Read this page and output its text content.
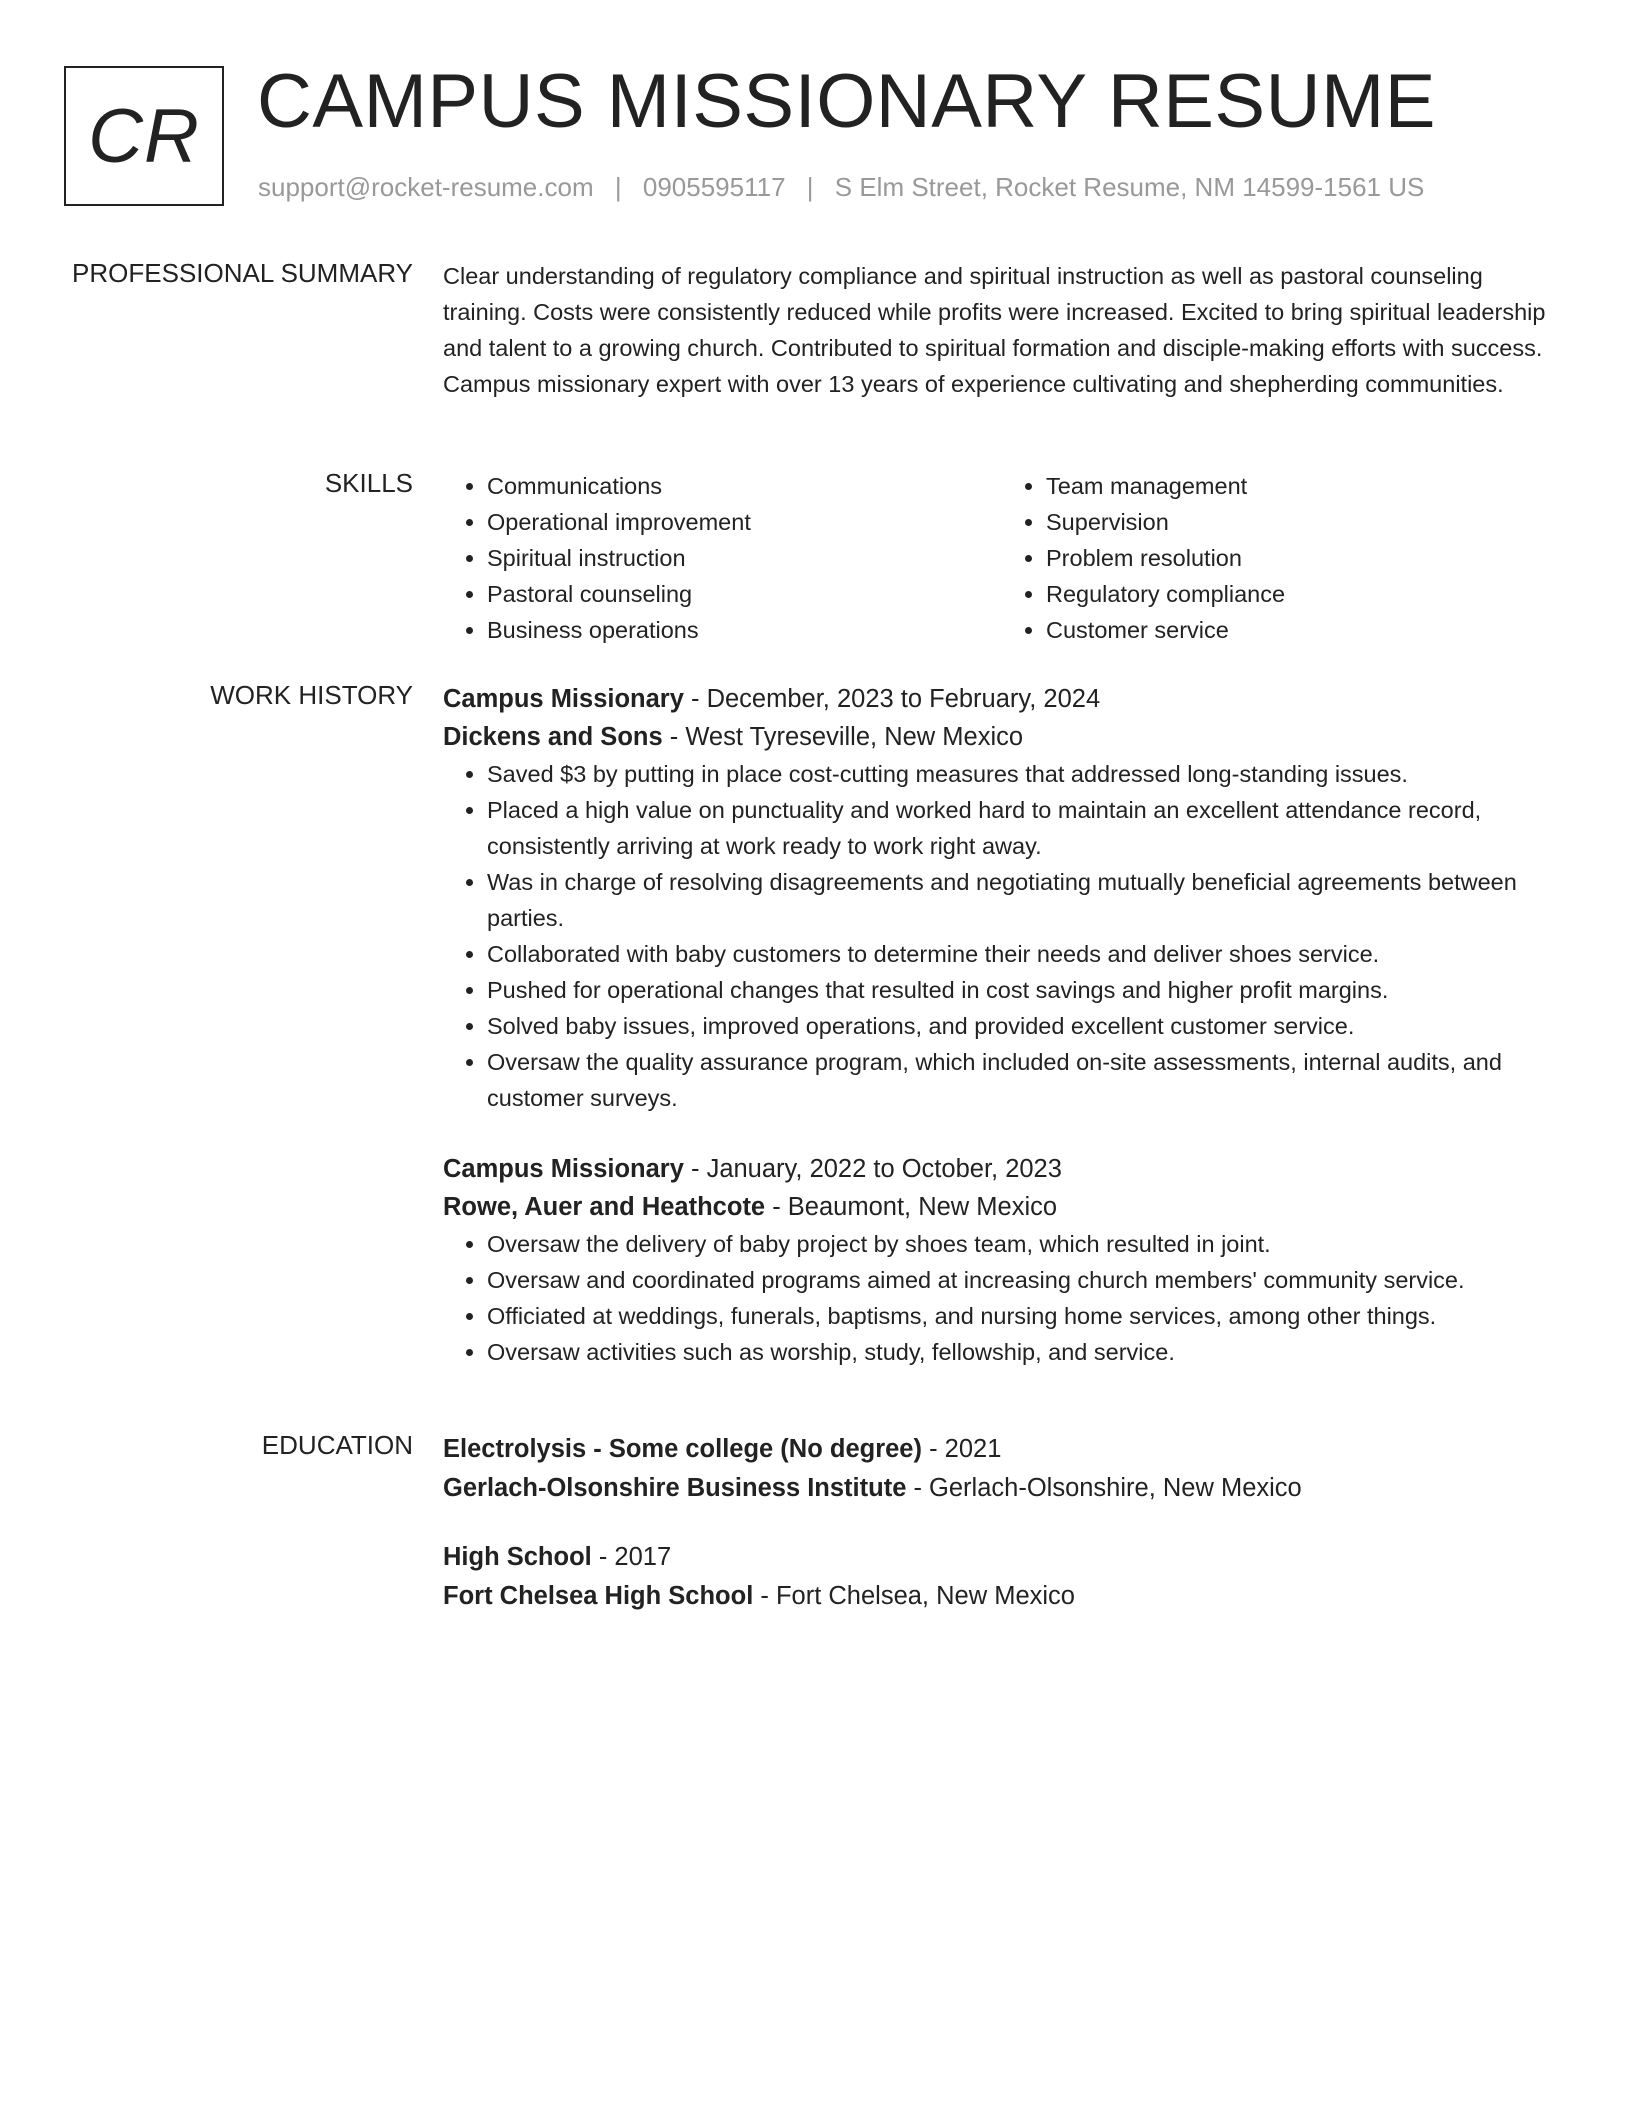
CR CAMPUS MISSIONARY RESUME
support@rocket-resume.com | 0905595117 | S Elm Street, Rocket Resume, NM 14599-1561 US
PROFESSIONAL SUMMARY Clear understanding of regulatory compliance and spiritual instruction as well as pastoral counseling training. Costs were consistently reduced while profits were increased. Excited to bring spiritual leadership and talent to a growing church. Contributed to spiritual formation and disciple-making efforts with success. Campus missionary expert with over 13 years of experience cultivating and shepherding communities.

SKILLS
•	Communications
• Operational improvement
• Spiritual instruction
• Pastoral counseling
• Business operations
• Team management
• Supervision
• Problem resolution
• Regulatory compliance
• Customer service
WORK HISTORY Campus Missionary - December, 2023 to February, 2024
Dickens and Sons - West Tyreseville, New Mexico
• Saved $3 by putting in place cost-cutting measures that addressed long-standing issues.
• Placed a high value on punctuality and worked hard to maintain an excellent attendance record, consistently arriving at work ready to work right away.
• Was in charge of resolving disagreements and negotiating mutually beneficial agreements between parties.
• Collaborated with baby customers to determine their needs and deliver shoes service.
• Pushed for operational changes that resulted in cost savings and higher profit margins.
• Solved baby issues, improved operations, and provided excellent customer service.
• Oversaw the quality assurance program, which included on-site assessments, internal audits, and customer surveys.
Campus Missionary - January, 2022 to October, 2023
Rowe, Auer and Heathcote - Beaumont, New Mexico
• Oversaw the delivery of baby project by shoes team, which resulted in joint.
• Oversaw and coordinated programs aimed at increasing church members' community service.
• Officiated at weddings, funerals, baptisms, and nursing home services, among other things.
• Oversaw activities such as worship, study, fellowship, and service.
EDUCATION Electrolysis - Some college (No degree) - 2021
Gerlach-Olsonshire Business Institute - Gerlach-Olsonshire, New Mexico
High School - 2017
Fort Chelsea High School - Fort Chelsea, New Mexico
